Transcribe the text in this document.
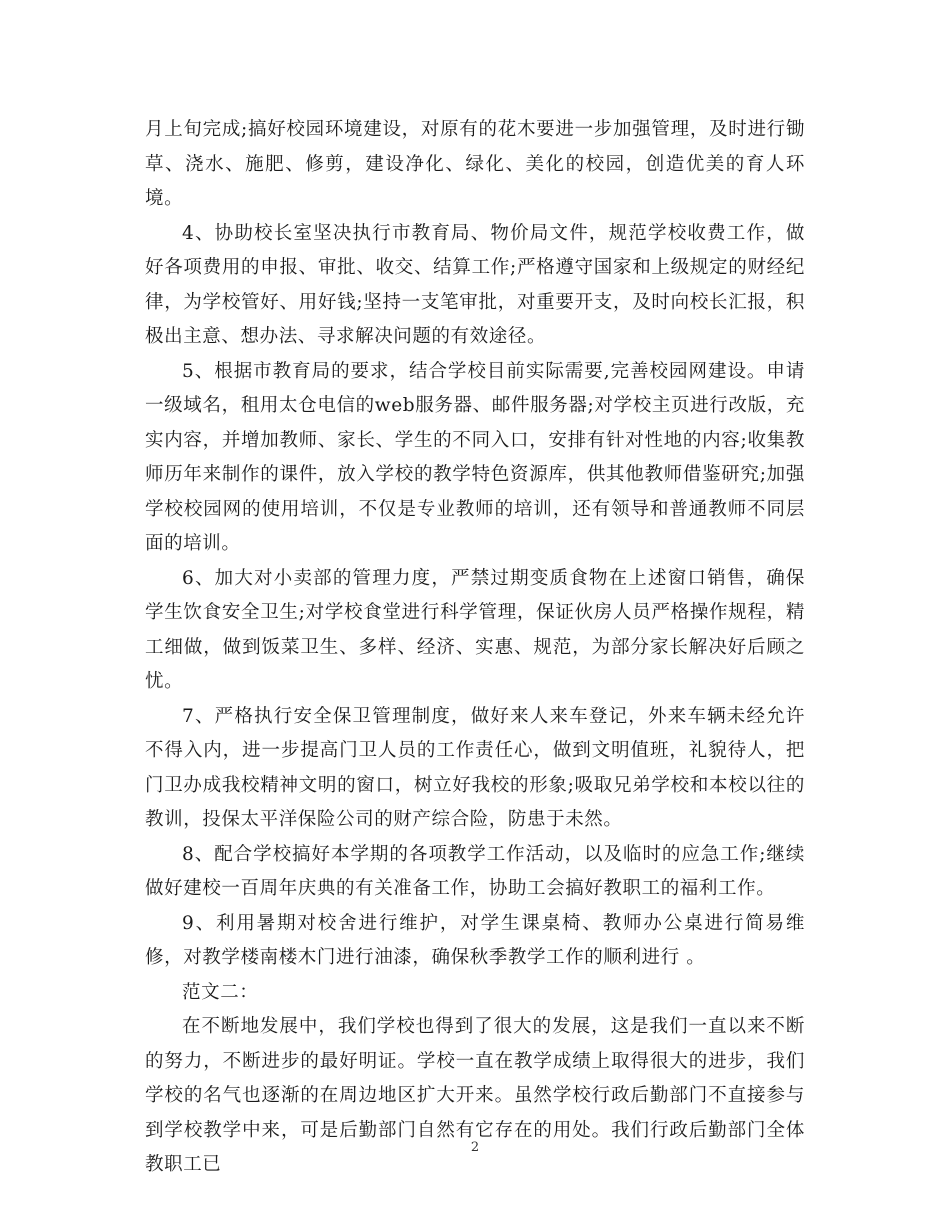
月上旬完成;搞好校园环境建设，对原有的花木要进一步加强管理，及时进行锄草、浇水、施肥、修剪，建设净化、绿化、美化的校园，创造优美的育人环境。

4、协助校长室坚决执行市教育局、物价局文件，规范学校收费工作，做好各项费用的申报、审批、收交、结算工作;严格遵守国家和上级规定的财经纪律，为学校管好、用好钱;坚持一支笔审批，对重要开支，及时向校长汇报，积极出主意、想办法、寻求解决问题的有效途径。

5、根据市教育局的要求，结合学校目前实际需要,完善校园网建设。申请一级域名，租用太仓电信的web服务器、邮件服务器;对学校主页进行改版，充实内容，并增加教师、家长、学生的不同入口，安排有针对性地的内容;收集教师历年来制作的课件，放入学校的教学特色资源库，供其他教师借鉴研究;加强学校校园网的使用培训，不仅是专业教师的培训，还有领导和普通教师不同层面的培训。

6、加大对小卖部的管理力度，严禁过期变质食物在上述窗口销售，确保学生饮食安全卫生;对学校食堂进行科学管理，保证伙房人员严格操作规程，精工细做，做到饭菜卫生、多样、经济、实惠、规范，为部分家长解决好后顾之忧。

7、严格执行安全保卫管理制度，做好来人来车登记，外来车辆未经允许不得入内，进一步提高门卫人员的工作责任心，做到文明值班，礼貌待人，把门卫办成我校精神文明的窗口，树立好我校的形象;吸取兄弟学校和本校以往的教训，投保太平洋保险公司的财产综合险，防患于未然。

8、配合学校搞好本学期的各项教学工作活动，以及临时的应急工作;继续做好建校一百周年庆典的有关准备工作，协助工会搞好教职工的福利工作。

9、利用暑期对校舍进行维护，对学生课桌椅、教师办公桌进行简易维修，对教学楼南楼木门进行油漆，确保秋季教学工作的顺利进行 。

范文二：

在不断地发展中，我们学校也得到了很大的发展，这是我们一直以来不断的努力，不断进步的最好明证。学校一直在教学成绩上取得很大的进步，我们学校的名气也逐渐的在周边地区扩大开来。虽然学校行政后勤部门不直接参与到学校教学中来，可是后勤部门自然有它存在的用处。我们行政后勤部门全体教职工已

2
